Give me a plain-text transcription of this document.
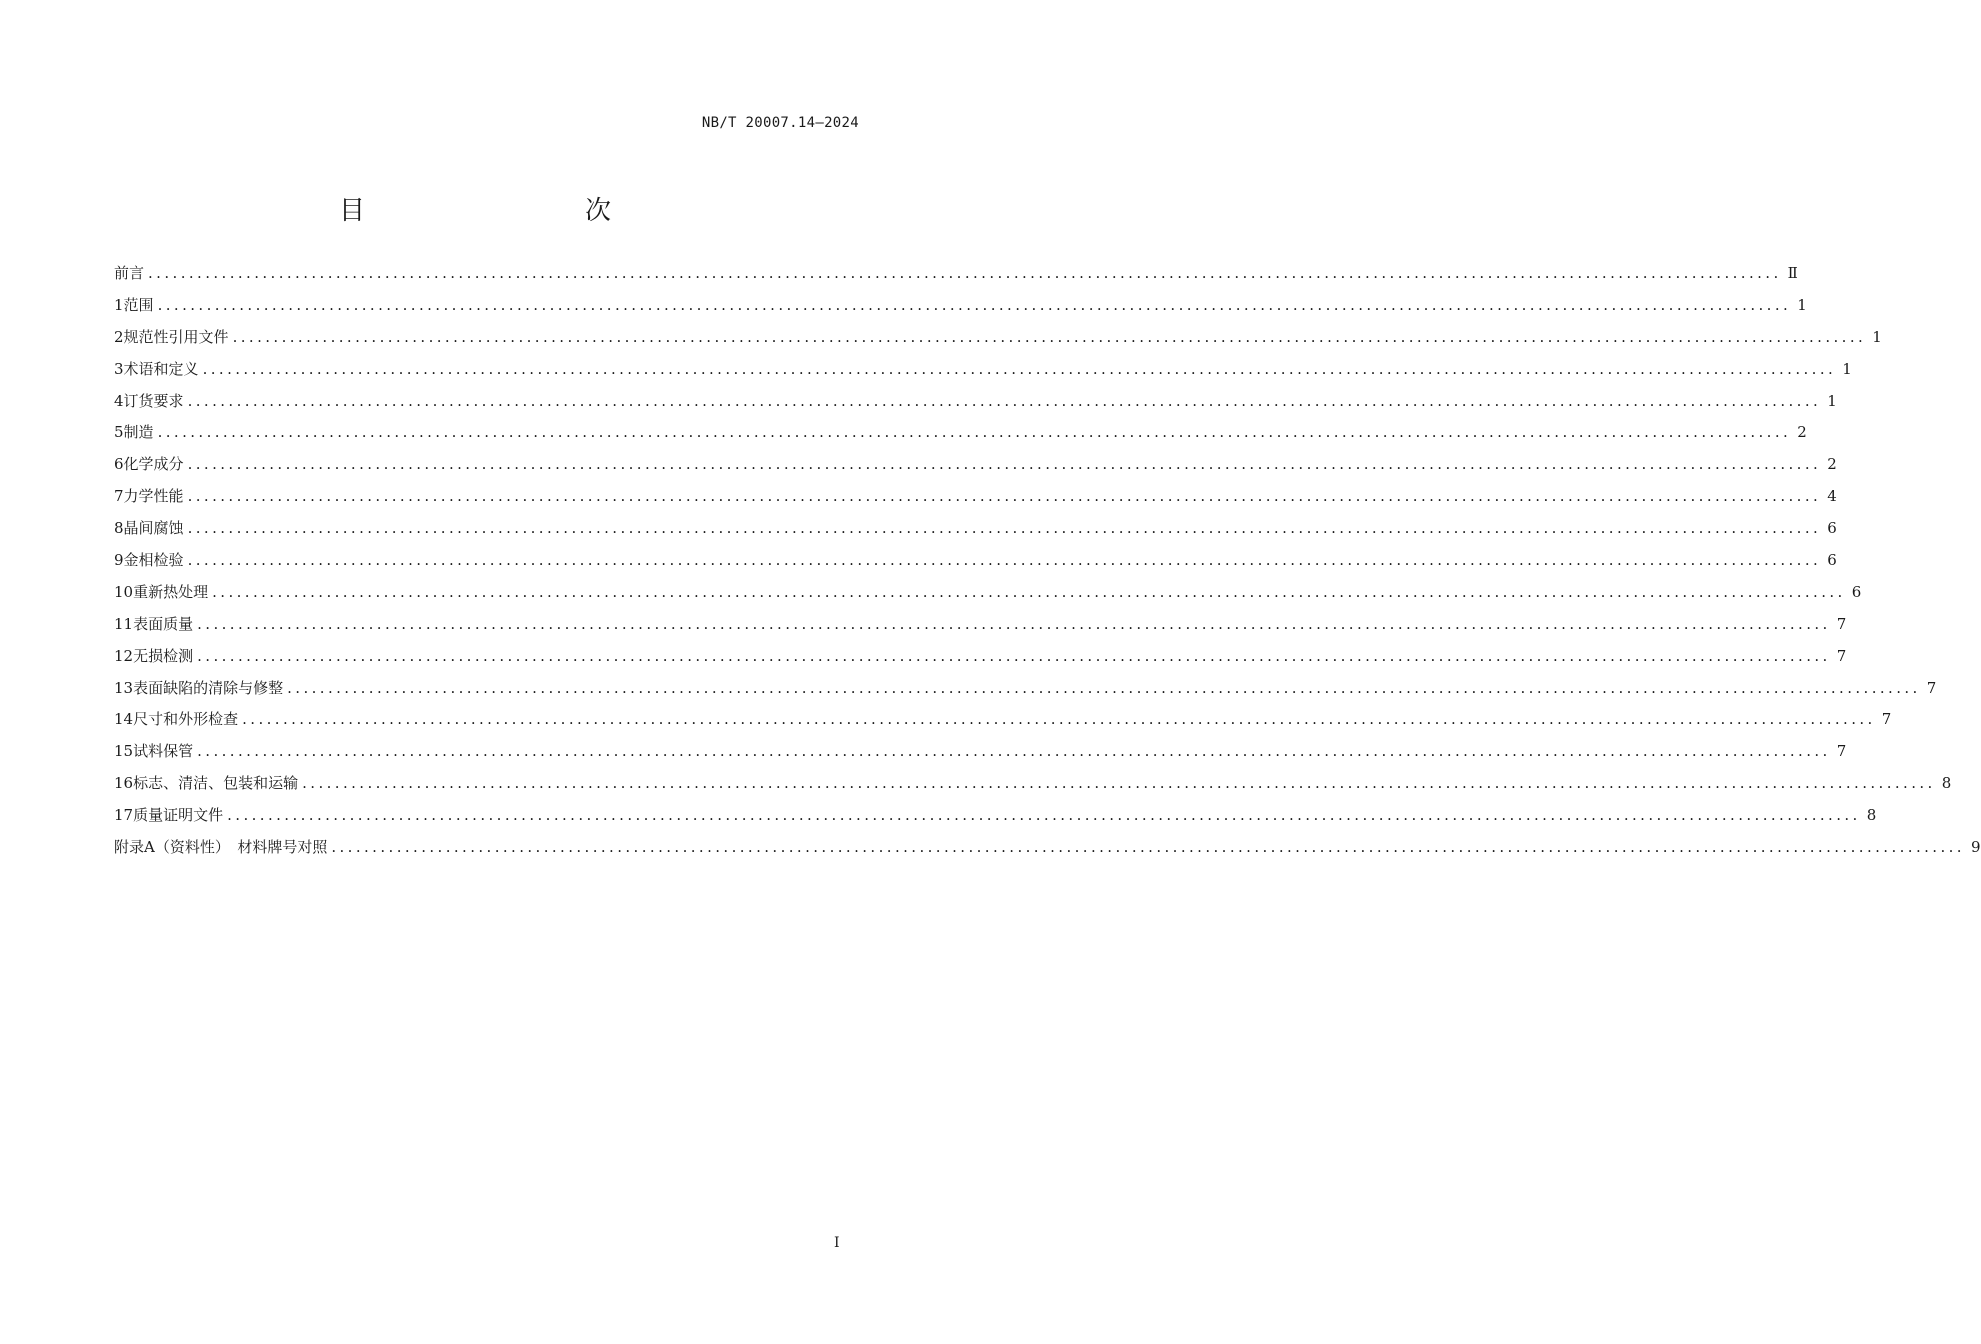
NB/T 20007.14—2024
目　　次
前言 ........................................................................................................................................................................................................ Ⅱ
1 范围 ........................................................................................................................................................................................................ 1
2 规范性引用文件 ........................................................................................................................................................................................................ 1
3 术语和定义 ........................................................................................................................................................................................................ 1
4 订货要求 ........................................................................................................................................................................................................ 1
5 制造 ........................................................................................................................................................................................................ 2
6 化学成分 ........................................................................................................................................................................................................ 2
7 力学性能 ........................................................................................................................................................................................................ 4
8 晶间腐蚀 ........................................................................................................................................................................................................ 6
9 金相检验 ........................................................................................................................................................................................................ 6
10 重新热处理 ........................................................................................................................................................................................................ 6
11 表面质量 ........................................................................................................................................................................................................ 7
12 无损检测 ........................................................................................................................................................................................................ 7
13 表面缺陷的清除与修整 ........................................................................................................................................................................................................ 7
14 尺寸和外形检查 ........................................................................................................................................................................................................ 7
15 试料保管 ........................................................................................................................................................................................................ 7
16 标志、清洁、包装和运输 ........................................................................................................................................................................................................ 8
17 质量证明文件 ........................................................................................................................................................................................................ 8
附录A（资料性）　材料牌号对照 ........................................................................................................................................................................................................ 9
I
